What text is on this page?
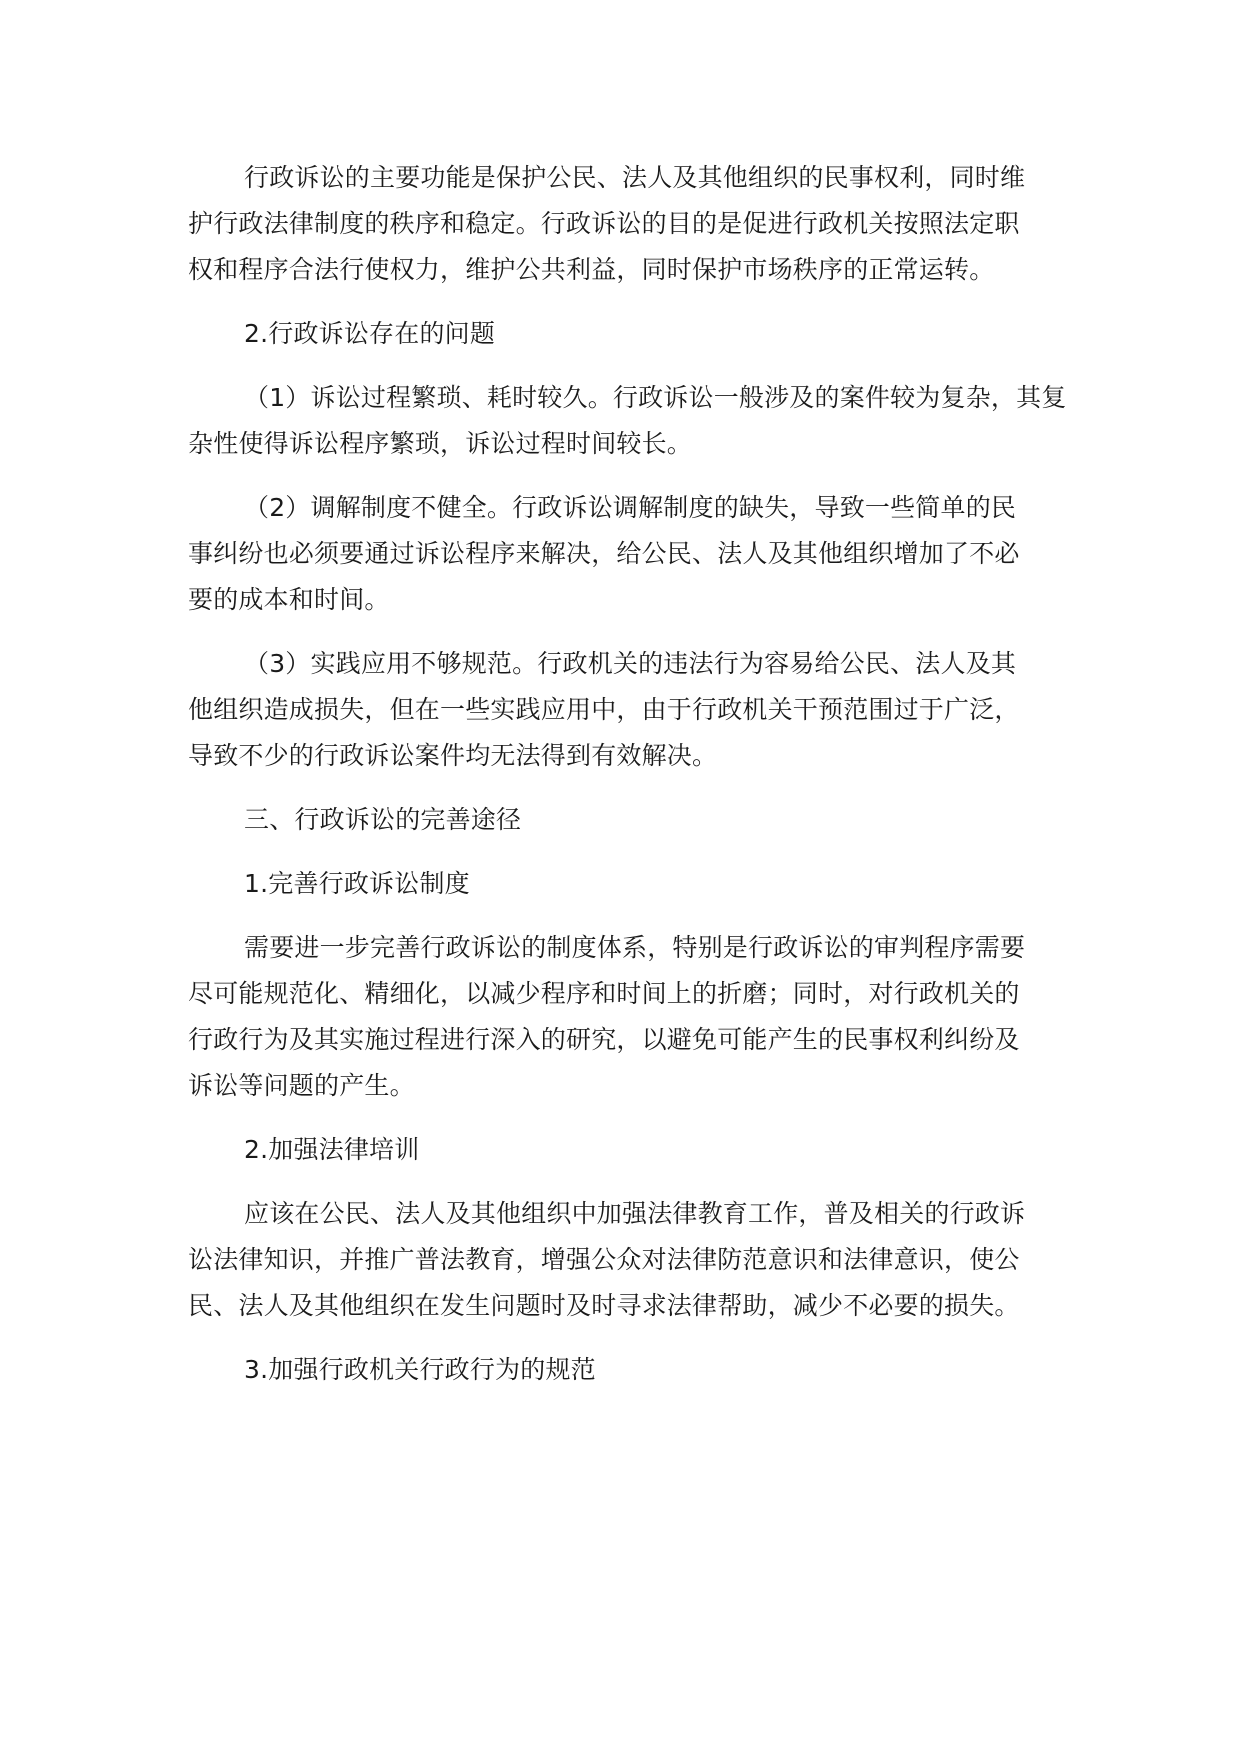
行政诉讼的主要功能是保护公民、法人及其他组织的民事权利，同时维护行政法律制度的秩序和稳定。行政诉讼的目的是促进行政机关按照法定职权和程序合法行使权力，维护公共利益，同时保护市场秩序的正常运转。

2.行政诉讼存在的问题

（1）诉讼过程繁琐、耗时较久。行政诉讼一般涉及的案件较为复杂，其复杂性使得诉讼程序繁琐，诉讼过程时间较长。

（2）调解制度不健全。行政诉讼调解制度的缺失，导致一些简单的民事纠纷也必须要通过诉讼程序来解决，给公民、法人及其他组织增加了不必要的成本和时间。

（3）实践应用不够规范。行政机关的违法行为容易给公民、法人及其他组织造成损失，但在一些实践应用中，由于行政机关干预范围过于广泛，导致不少的行政诉讼案件均无法得到有效解决。

三、行政诉讼的完善途径

1.完善行政诉讼制度

需要进一步完善行政诉讼的制度体系，特别是行政诉讼的审判程序需要尽可能规范化、精细化，以减少程序和时间上的折磨；同时，对行政机关的行政行为及其实施过程进行深入的研究，以避免可能产生的民事权利纠纷及诉讼等问题的产生。

2.加强法律培训

应该在公民、法人及其他组织中加强法律教育工作，普及相关的行政诉讼法律知识，并推广普法教育，增强公众对法律防范意识和法律意识，使公民、法人及其他组织在发生问题时及时寻求法律帮助，减少不必要的损失。

3.加强行政机关行政行为的规范
